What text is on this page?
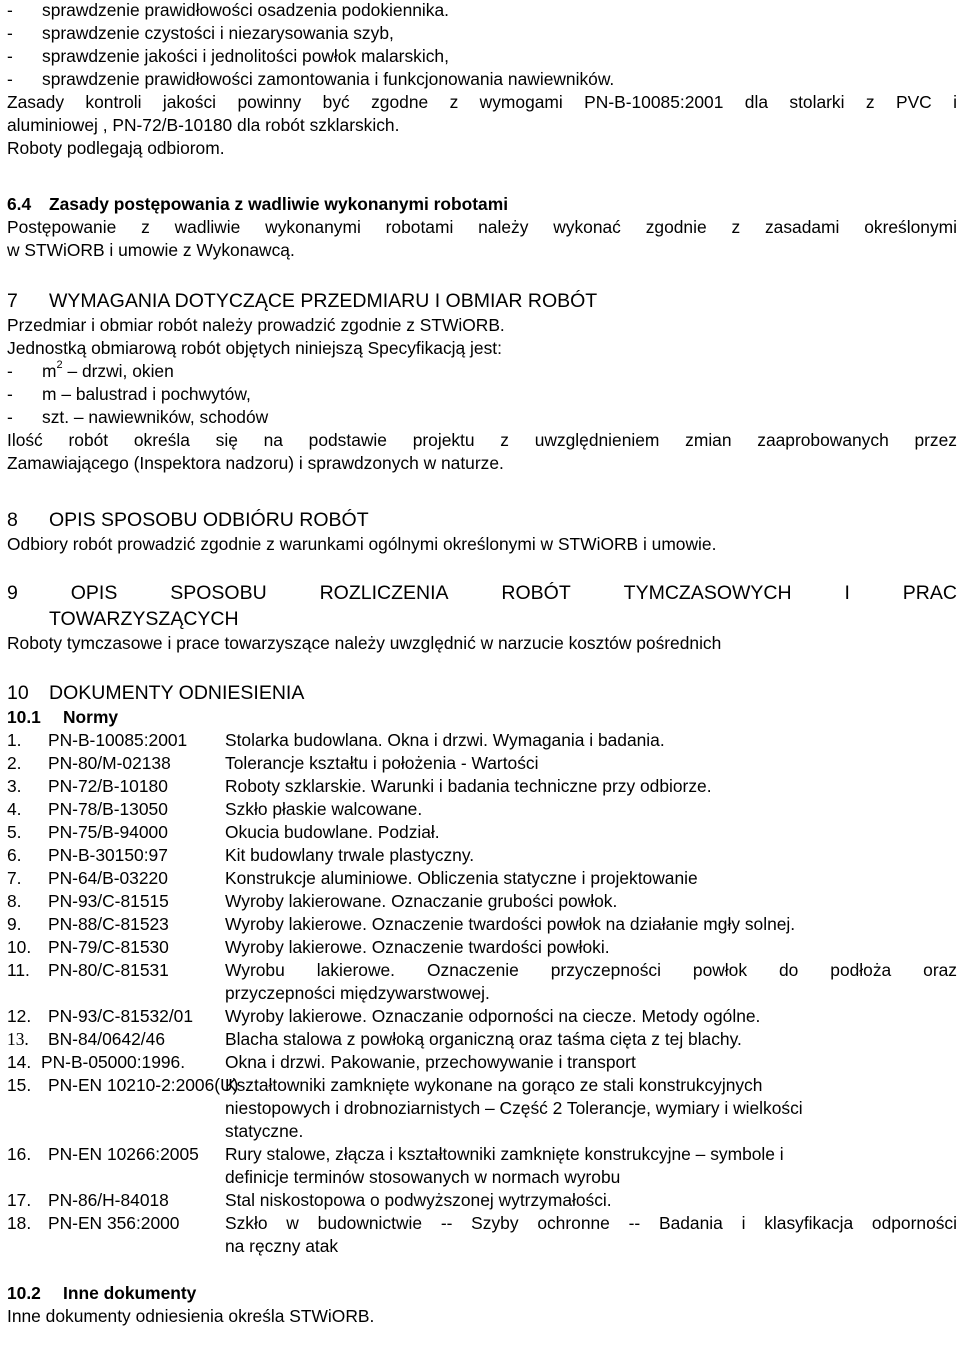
- sprawdzenie prawidłowości osadzenia podokiennika.
- sprawdzenie czystości i niezarysowania szyb,
- sprawdzenie jakości i jednolitości powłok malarskich,
- sprawdzenie prawidłowości zamontowania i funkcjonowania nawiewników.
Zasady kontroli jakości powinny być zgodne z wymogami PN-B-10085:2001 dla stolarki z PVC i
aluminiowej , PN-72/B-10180 dla robót szklarskich.
Roboty podlegają odbiorom.
6.4 Zasady postępowania z wadliwie wykonanymi robotami
Postępowanie z wadliwie wykonanymi robotami należy wykonać zgodnie z zasadami określonymi
w STWiORB i umowie z Wykonawcą.
7 WYMAGANIA DOTYCZĄCE PRZEDMIARU I OBMIAR ROBÓT
Przedmiar i obmiar robót należy prowadzić zgodnie z STWiORB.
Jednostką obmiarową robót objętych niniejszą Specyfikacją jest:
- $m^2$ – drzwi, okien
- m – balustrad i pochwytów,
- szt. – nawiewników, schodów
Ilość robót określa się na podstawie projektu z uwzględnieniem zmian zaaprobowanych przez
Zamawiającego (Inspektora nadzoru) i sprawdzonych w naturze.
8 OPIS SPOSOBU ODBIÓRU ROBÓT
Odbiory robót prowadzić zgodnie z warunkami ogólnymi określonymi w STWiORB i umowie.
9	OPIS	SPOSOBU	ROZLICZENIA	ROBÓT	TYMCZASOWYCH	I	PRAC
TOWARZYSZĄCYCH
Roboty tymczasowe i prace towarzyszące należy uwzględnić w narzucie kosztów pośrednich
10 DOKUMENTY ODNIESIENIA
10.1 Normy
1.	PN-B-10085:2001	Stolarka budowlana. Okna i drzwi. Wymagania i badania.
2.	PN-80/M-02138	Tolerancje kształtu i położenia - Wartości
3.	PN-72/B-10180	Roboty szklarskie. Warunki i badania techniczne przy odbiorze.
4.	PN-78/B-13050	Szkło płaskie walcowane.
5.	PN-75/B-94000	Okucia budowlane. Podział.
6.	PN-B-30150:97	Kit budowlany trwale plastyczny.
7.	PN-64/B-03220	Konstrukcje aluminiowe. Obliczenia statyczne i projektowanie
8.	PN-93/C-81515	Wyroby lakierowane. Oznaczanie grubości powłok.
9.	PN-88/C-81523	Wyroby lakierowe. Oznaczenie twardości powłok na działanie mgły solnej.
10. PN-79/C-81530	Wyroby lakierowe. Oznaczenie twardości powłoki.
11.	PN-80/C-81531	Wyrobu lakierowe. Oznaczenie przyczepności powłok do podłoża oraz
przyczepności międzywarstwowej.
12. PN-93/C-81532/01	Wyroby lakierowe. Oznaczanie odporności na ciecze. Metody ogólne.
13.	BN-84/0642/46	Blacha stalowa z powłoką organiczną oraz taśma cięta z tej blachy.
14. PN-B-05000:1996.	Okna i drzwi. Pakowanie, przechowywanie i transport
15. PN-EN 10210-2:2006(U)
Kształtowniki zamknięte wykonane na gorąco ze stali konstrukcyjnych
niestopowych i drobnoziarnistych – Część 2 Tolerancje, wymiary i wielkości
statyczne.
16. PN-EN 10266:2005	Rury stalowe, złącza i kształtowniki zamknięte konstrukcyjne – symbole i
definicje terminów stosowanych w normach wyrobu
17. PN-86/H-84018	Stal niskostopowa o podwyższonej wytrzymałości.
18. PN-EN 356:2000	Szkło w budownictwie -- Szyby ochronne -- Badania i klasyfikacja odporności
na ręczny atak
10.2 Inne dokumenty
Inne dokumenty odniesienia określa STWiORB.
